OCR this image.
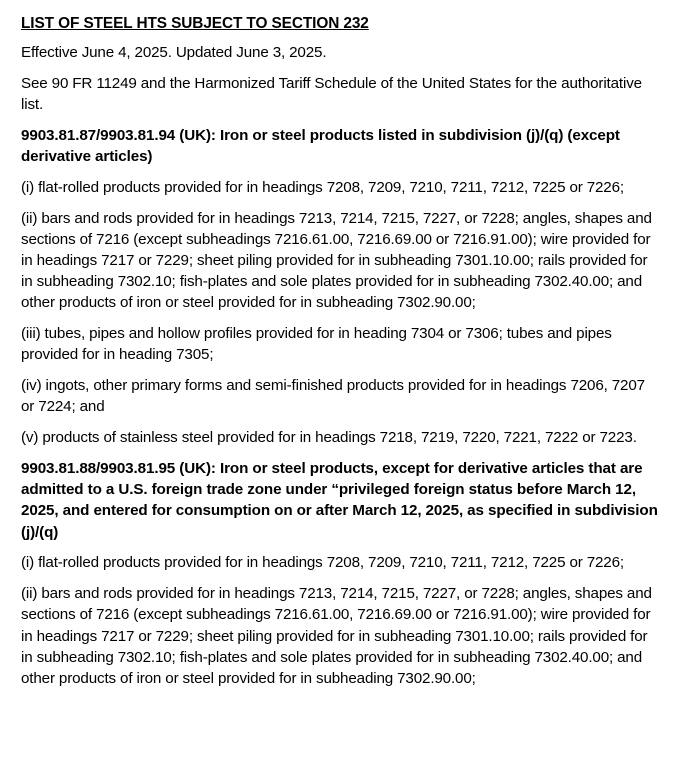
LIST OF STEEL HTS SUBJECT TO SECTION 232

Effective June 4, 2025. Updated June 3, 2025.

See 90 FR 11249 and the Harmonized Tariff Schedule of the United States for the authoritative list.

9903.81.87/9903.81.94 (UK): Iron or steel products listed in subdivision (j)/(q) (except derivative articles)

(i) flat-rolled products provided for in headings 7208, 7209, 7210, 7211, 7212, 7225 or 7226;

(ii) bars and rods provided for in headings 7213, 7214, 7215, 7227, or 7228; angles, shapes and sections of 7216 (except subheadings 7216.61.00, 7216.69.00 or 7216.91.00); wire provided for in headings 7217 or 7229; sheet piling provided for in subheading 7301.10.00; rails provided for in subheading 7302.10; fish-plates and sole plates provided for in subheading 7302.40.00; and other products of iron or steel provided for in subheading 7302.90.00;

(iii) tubes, pipes and hollow profiles provided for in heading 7304 or 7306; tubes and pipes provided for in heading 7305;

(iv) ingots, other primary forms and semi-finished products provided for in headings 7206, 7207 or 7224; and

(v) products of stainless steel provided for in headings 7218, 7219, 7220, 7221, 7222 or 7223.

9903.81.88/9903.81.95 (UK): Iron or steel products, except for derivative articles that are admitted to a U.S. foreign trade zone under “privileged foreign status before March 12, 2025, and entered for consumption on or after March 12, 2025, as specified in subdivision (j)/(q)

(i) flat-rolled products provided for in headings 7208, 7209, 7210, 7211, 7212, 7225 or 7226;

(ii) bars and rods provided for in headings 7213, 7214, 7215, 7227, or 7228; angles, shapes and sections of 7216 (except subheadings 7216.61.00, 7216.69.00 or 7216.91.00); wire provided for in headings 7217 or 7229; sheet piling provided for in subheading 7301.10.00; rails provided for in subheading 7302.10; fish-plates and sole plates provided for in subheading 7302.40.00; and other products of iron or steel provided for in subheading 7302.90.00;
